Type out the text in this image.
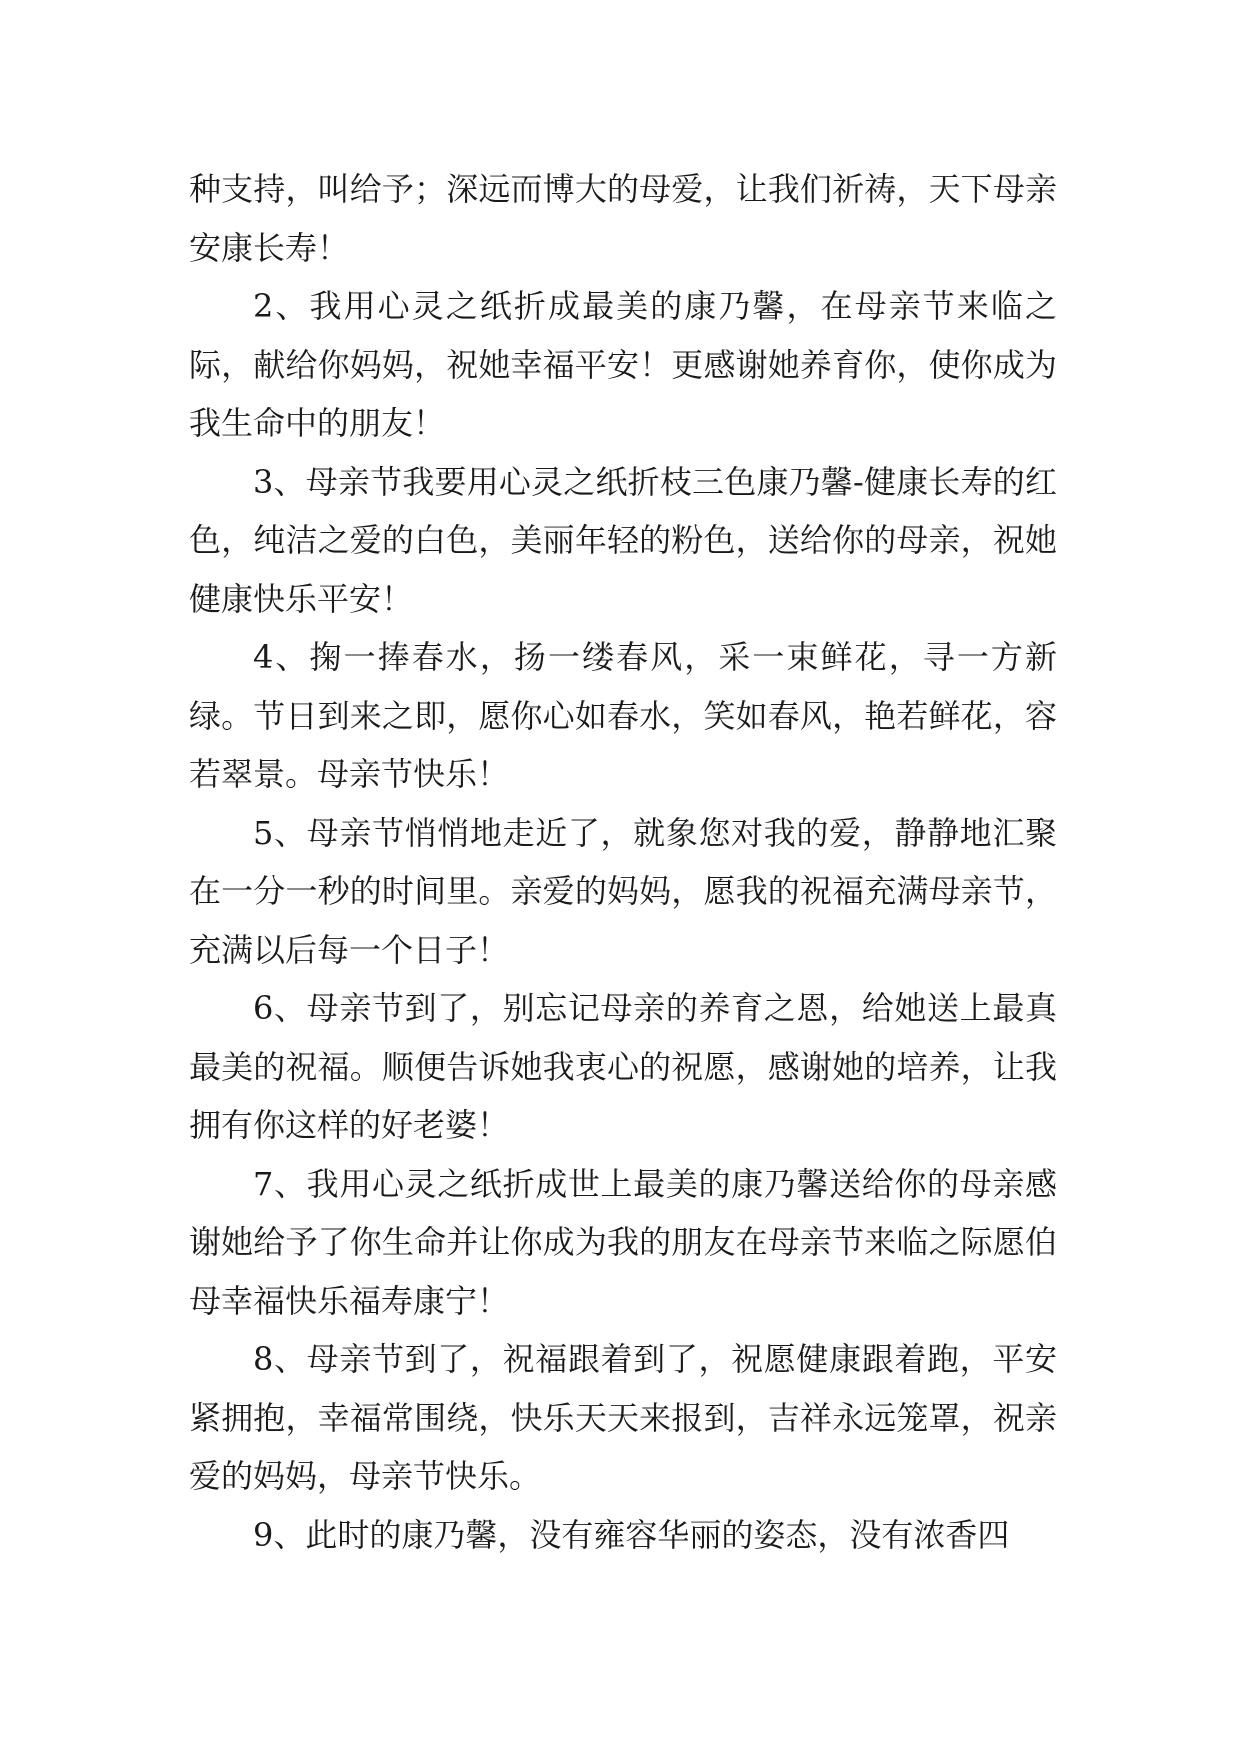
种支持，叫给予；深远而博大的母爱，让我们祈祷，天下母亲安康长寿！

2、我用心灵之纸折成最美的康乃馨，在母亲节来临之际，献给你妈妈，祝她幸福平安！更感谢她养育你，使你成为我生命中的朋友！

3、母亲节我要用心灵之纸折枝三色康乃馨-健康长寿的红色，纯洁之爱的白色，美丽年轻的粉色，送给你的母亲，祝她健康快乐平安！

4、掬一捧春水，扬一缕春风，采一束鲜花，寻一方新绿。节日到来之即，愿你心如春水，笑如春风，艳若鲜花，容若翠景。母亲节快乐！

5、母亲节悄悄地走近了，就象您对我的爱，静静地汇聚在一分一秒的时间里。亲爱的妈妈，愿我的祝福充满母亲节，充满以后每一个日子！

6、母亲节到了，别忘记母亲的养育之恩，给她送上最真最美的祝福。顺便告诉她我衷心的祝愿，感谢她的培养，让我拥有你这样的好老婆！

7、我用心灵之纸折成世上最美的康乃馨送给你的母亲感谢她给予了你生命并让你成为我的朋友在母亲节来临之际愿伯母幸福快乐福寿康宁！

8、母亲节到了，祝福跟着到了，祝愿健康跟着跑，平安紧拥抱，幸福常围绕，快乐天天来报到，吉祥永远笼罩，祝亲爱的妈妈，母亲节快乐。

9、此时的康乃馨，没有雍容华丽的姿态，没有浓香四
